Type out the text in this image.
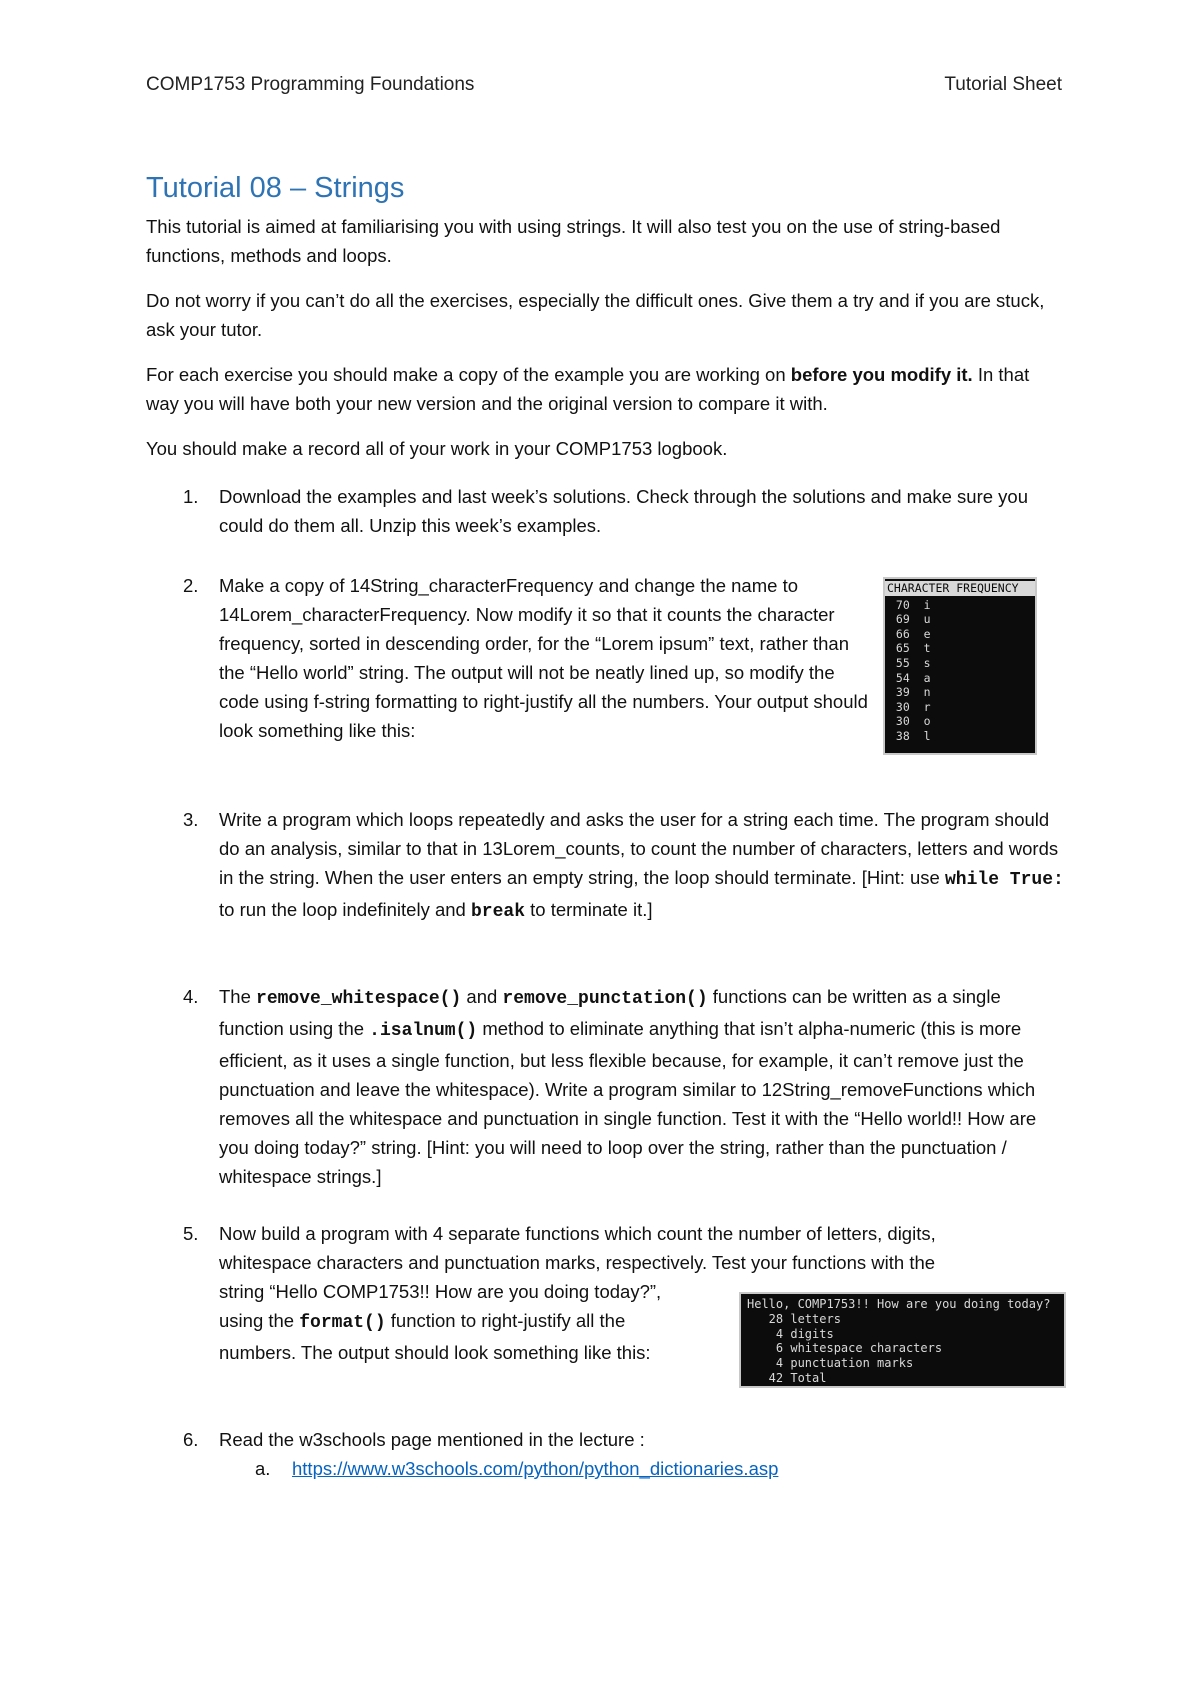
COMP1753 Programming Foundations	Tutorial Sheet
Tutorial 08 – Strings

This tutorial is aimed at familiarising you with using strings. It will also test you on the use of string-based functions, methods and loops.

Do not worry if you can’t do all the exercises, especially the difficult ones. Give them a try and if you are stuck, ask your tutor.

For each exercise you should make a copy of the example you are working on before you modify it. In that way you will have both your new version and the original version to compare it with.

You should make a record all of your work in your COMP1753 logbook.

1. Download the examples and last week’s solutions. Check through the solutions and make sure you could do them all. Unzip this week’s examples.

2. Make a copy of 14String_characterFrequency and change the name to 14Lorem_characterFrequency. Now modify it so that it counts the character frequency, sorted in descending order, for the “Lorem ipsum” text, rather than the “Hello world” string. The output will not be neatly lined up, so modify the code using f-string formatting to right-justify all the numbers. Your output should look something like this:

CHARACTER FREQUENCY
70  i
69  u
66  e
65  t
55  s
54  a
39  n
30  r
30  o
38  l
3. Write a program which loops repeatedly and asks the user for a string each time. The program should do an analysis, similar to that in 13Lorem_counts, to count the number of characters, letters and words in the string. When the user enters an empty string, the loop should terminate. [Hint: use while True: to run the loop indefinitely and break to terminate it.]

4. The remove_whitespace() and remove_punctation() functions can be written as a single function using the .isalnum() method to eliminate anything that isn’t alpha-numeric (this is more efficient, as it uses a single function, but less flexible because, for example, it can’t remove just the punctuation and leave the whitespace). Write a program similar to 12String_removeFunctions which removes all the whitespace and punctuation in single function. Test it with the “Hello world!! How are you doing today?” string. [Hint: you will need to loop over the string, rather than the punctuation / whitespace strings.]

5. Now build a program with 4 separate functions which count the number of letters, digits,
whitespace characters and punctuation marks, respectively. Test your functions with the
string “Hello COMP1753!! How are you doing today?”,
using the format() function to right-justify all the
numbers. The output should look something like this:
Hello, COMP1753!! How are you doing today?
28 letters
4 digits
6 whitespace characters
4 punctuation marks
42 Total
6. Read the w3schools page mentioned in the lecture :

a. https://www.w3schools.com/python/python_dictionaries.asp
